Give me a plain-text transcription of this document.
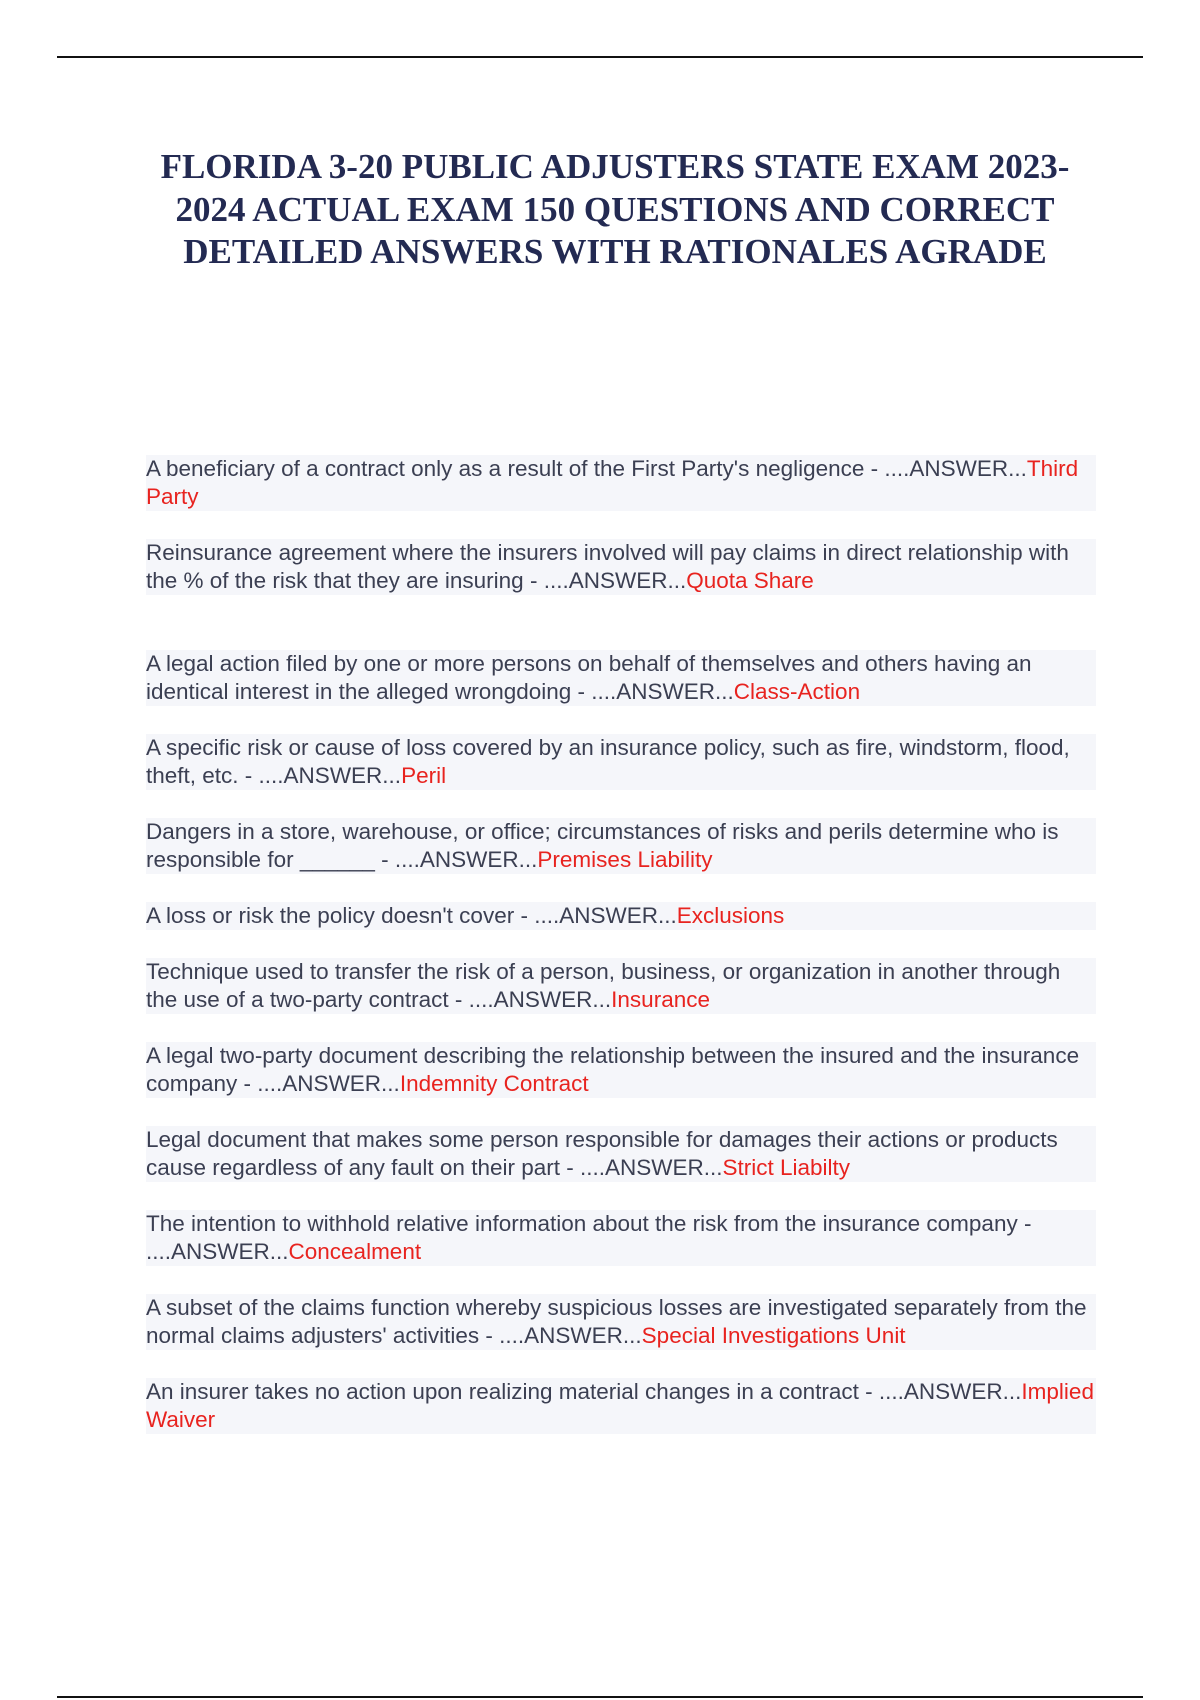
FLORIDA 3-20 PUBLIC ADJUSTERS STATE EXAM 2023-2024 ACTUAL EXAM 150 QUESTIONS AND CORRECT DETAILED ANSWERS WITH RATIONALES AGRADE
A beneficiary of a contract only as a result of the First Party's negligence - ....ANSWER...Third Party
Reinsurance agreement where the insurers involved will pay claims in direct relationship with the % of the risk that they are insuring - ....ANSWER...Quota Share
A legal action filed by one or more persons on behalf of themselves and others having an identical interest in the alleged wrongdoing - ....ANSWER...Class-Action
A specific risk or cause of loss covered by an insurance policy, such as fire, windstorm, flood, theft, etc. - ....ANSWER...Peril
Dangers in a store, warehouse, or office; circumstances of risks and perils determine who is responsible for ______ - ....ANSWER...Premises Liability
A loss or risk the policy doesn't cover - ....ANSWER...Exclusions
Technique used to transfer the risk of a person, business, or organization in another through the use of a two-party contract - ....ANSWER...Insurance
A legal two-party document describing the relationship between the insured and the insurance company - ....ANSWER...Indemnity Contract
Legal document that makes some person responsible for damages their actions or products cause regardless of any fault on their part - ....ANSWER...Strict Liabilty
The intention to withhold relative information about the risk from the insurance company - ....ANSWER...Concealment
A subset of the claims function whereby suspicious losses are investigated separately from the normal claims adjusters' activities - ....ANSWER...Special Investigations Unit
An insurer takes no action upon realizing material changes in a contract - ....ANSWER...Implied Waiver
